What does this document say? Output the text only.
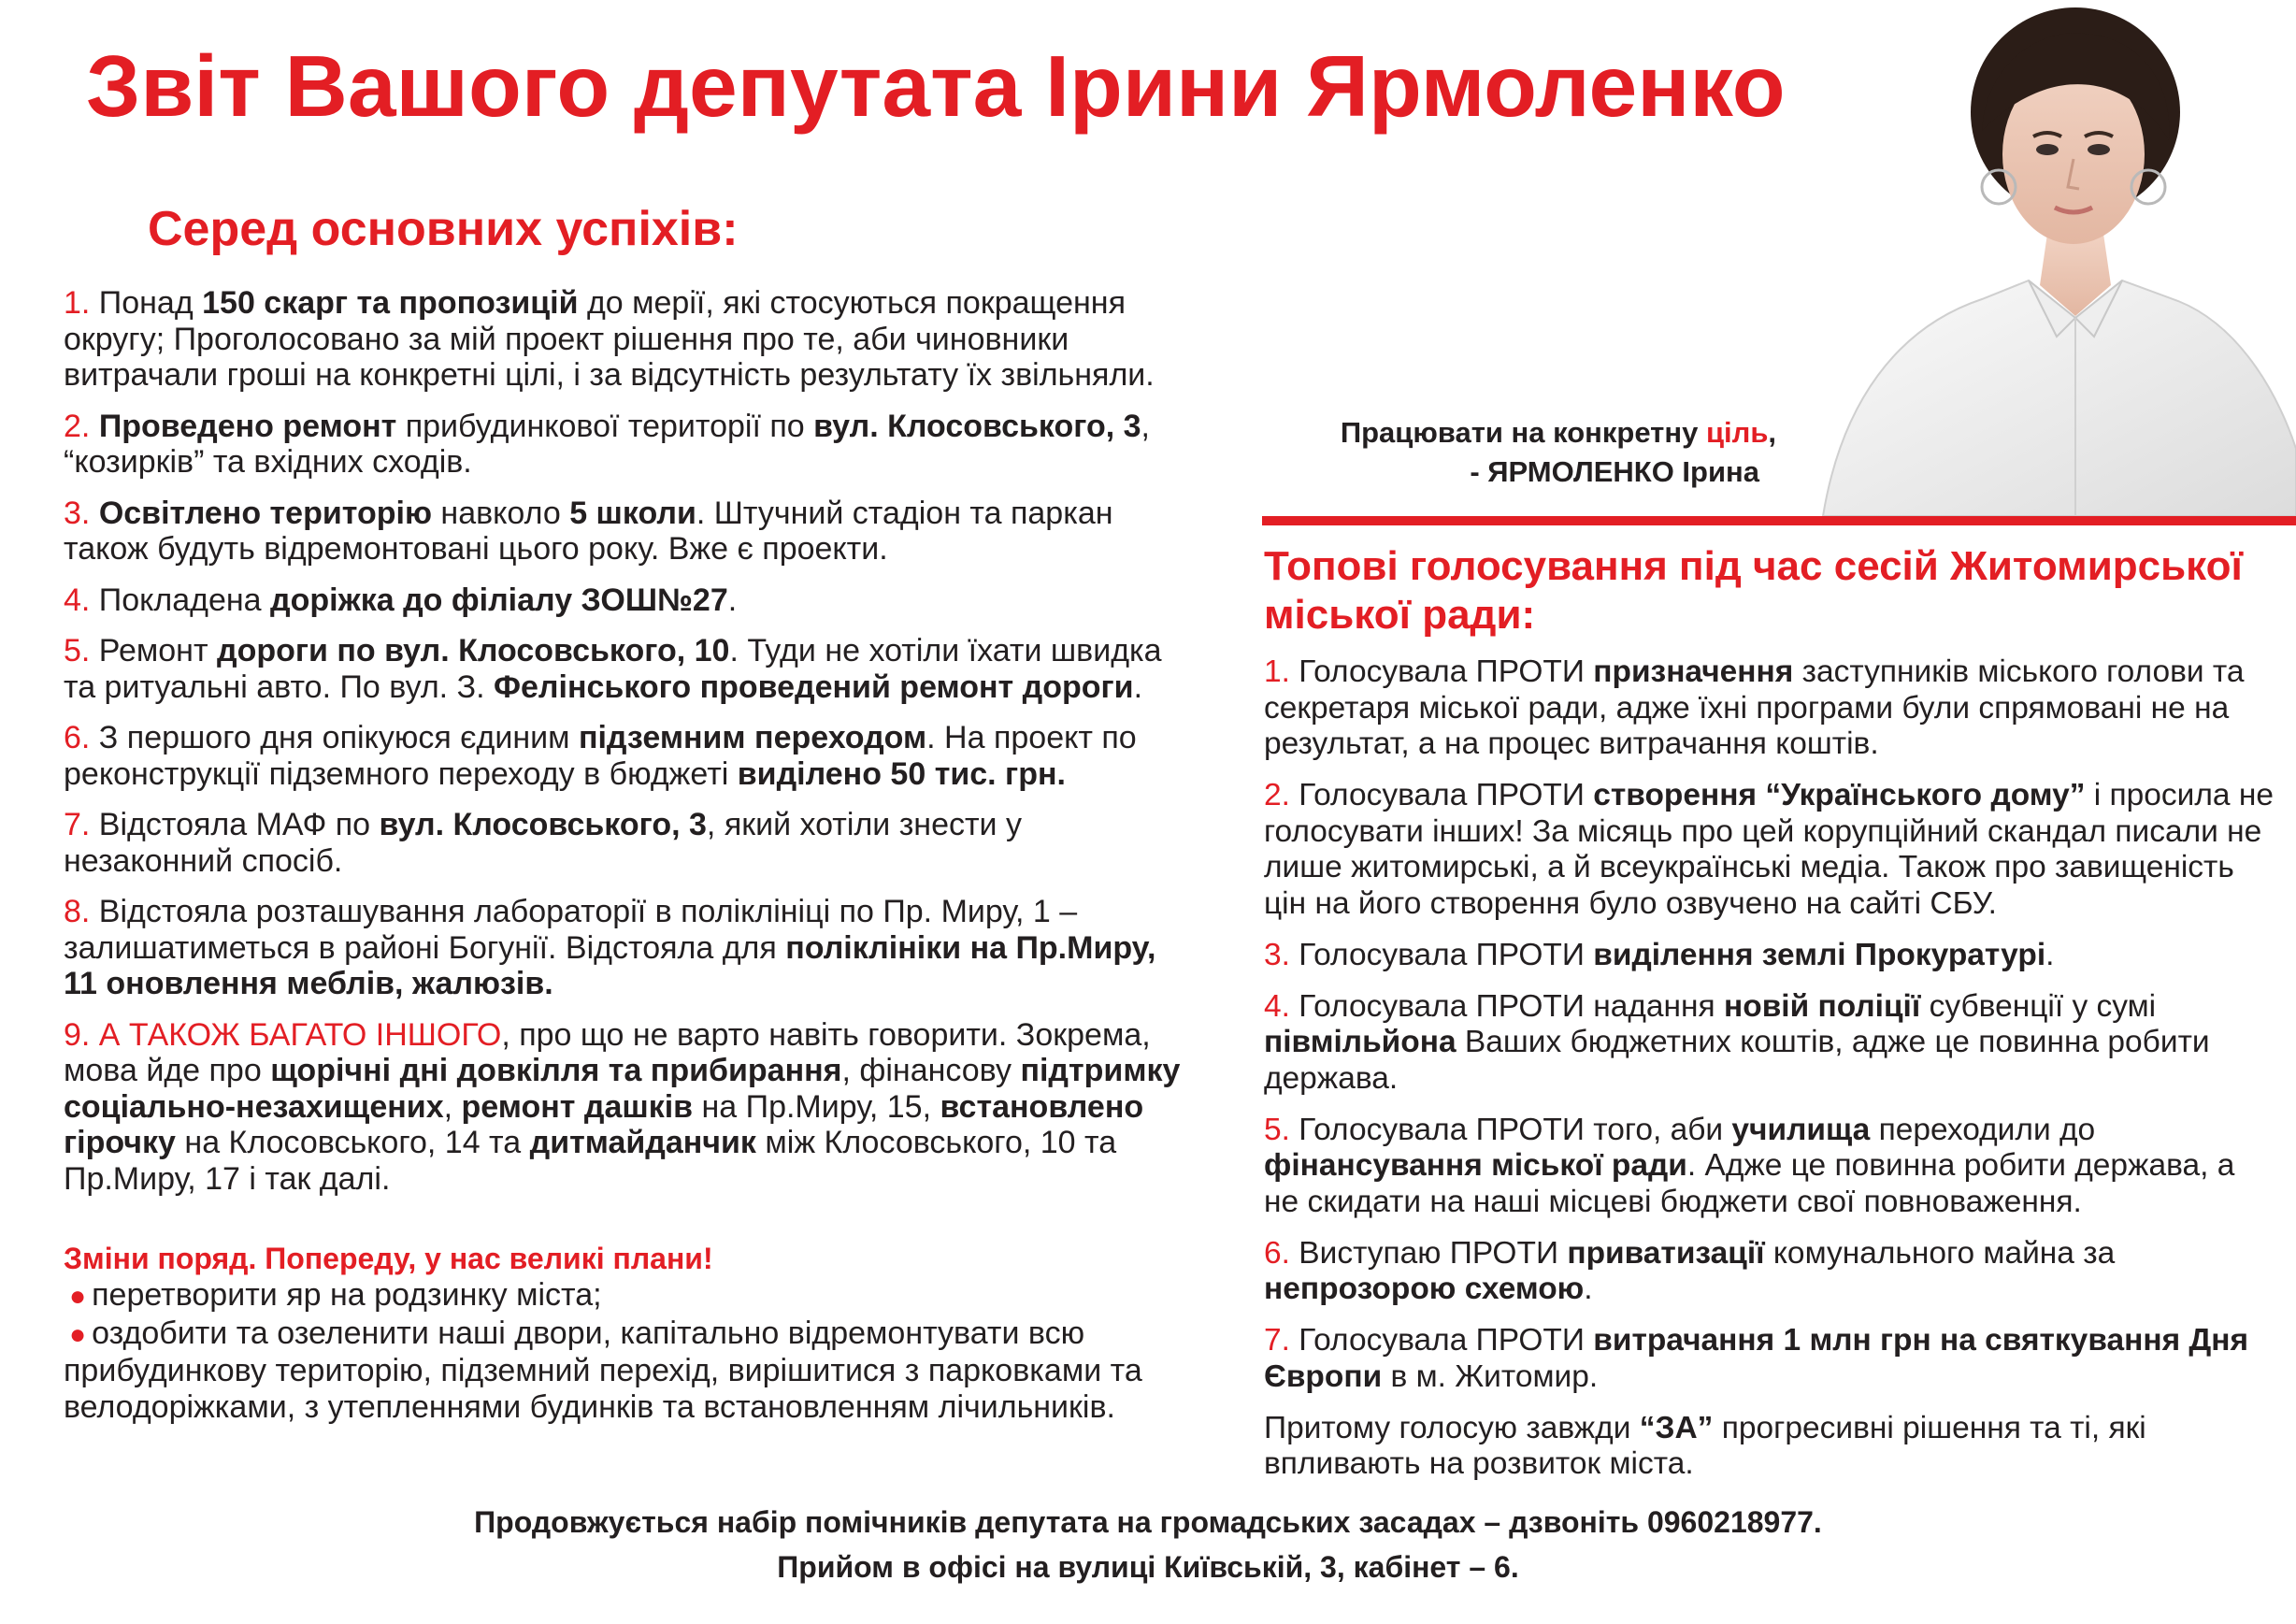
Звіт Вашого депутата Ірини Ярмоленко
Серед основних успіхів:
1. Понад 150 скарг та пропозицій до мерії, які стосуються покращення округу; Проголосовано за мій проект рішення про те, аби чиновники витрачали гроші на конкретні цілі, і за відсутність результату їх звільняли.
2. Проведено ремонт прибудинкової території по вул. Клосовського, 3, “козирків” та вхідних сходів.
3. Освітлено територію навколо 5 школи. Штучний стадіон та паркан також будуть відремонтовані цього року. Вже є проекти.
4. Покладена доріжка до філіалу ЗОШ№27.
5. Ремонт дороги по вул. Клосовського, 10. Туди не хотіли їхати швидка та ритуальні авто. По вул. З. Фелінського проведений ремонт дороги.
6. З першого дня опікуюся єдиним підземним переходом. На проект по реконструкції підземного переходу в бюджеті виділено 50 тис. грн.
7. Відстояла МАФ по вул. Клосовського, 3, який хотіли знести у незаконний спосіб.
8. Відстояла розташування лабораторії в поліклініці по Пр. Миру, 1 – залишатиметься в районі Богунії. Відстояла для поліклініки на Пр.Миру, 11 оновлення меблів, жалюзів.
9. А ТАКОЖ БАГАТО ІНШОГО, про що не варто навіть говорити. Зокрема, мова йде про щорічні дні довкілля та прибирання, фінансову підтримку соціально-незахищених, ремонт дашків на Пр.Миру, 15, встановлено гірочку на Клосовського, 14 та дитмайданчик між Клосовського, 10 та Пр.Миру, 17 і так далі.
Зміни поряд. Попереду, у нас великі плани!
● перетворити яр на родзинку міста;
● оздобити та озеленити наші двори, капітально відремонтувати всю прибудинкову територію, підземний перехід, вирішитися з парковками та велодоріжками, з утепленнями будинків та встановленням лічильників.
Працювати на конкретну ціль,
- ЯРМОЛЕНКО Ірина
Топові голосування під час сесій Житомирської міської ради:
1. Голосувала ПРОТИ призначення заступників міського голови та секретаря міської ради, адже їхні програми були спрямовані не на результат, а на процес витрачання коштів.
2. Голосувала ПРОТИ створення “Українського дому” і просила не голосувати інших! За місяць про цей корупційний скандал писали не лише житомирські, а й всеукраїнські медіа. Також про завищеність цін на його створення було озвучено на сайті СБУ.
3. Голосувала ПРОТИ виділення землі Прокуратурі.
4. Голосувала ПРОТИ надання новій поліції субвенції у сумі півмільйона Ваших бюджетних коштів, адже це повинна робити держава.
5. Голосувала ПРОТИ того, аби училища переходили до фінансування міської ради. Адже це повинна робити держава, а не скидати на наші місцеві бюджети свої повноваження.
6. Виступаю ПРОТИ приватизації комунального майна за непрозорою схемою.
7. Голосувала ПРОТИ витрачання 1 млн грн на святкування Дня Європи в м. Житомир.
Притому голосую завжди “ЗА” прогресивні рішення та ті, які впливають на розвиток міста.
Продовжується набір помічників депутата на громадських засадах – дзвоніть 0960218977.
Прийом в офісі на вулиці Київській, 3, кабінет – 6.
